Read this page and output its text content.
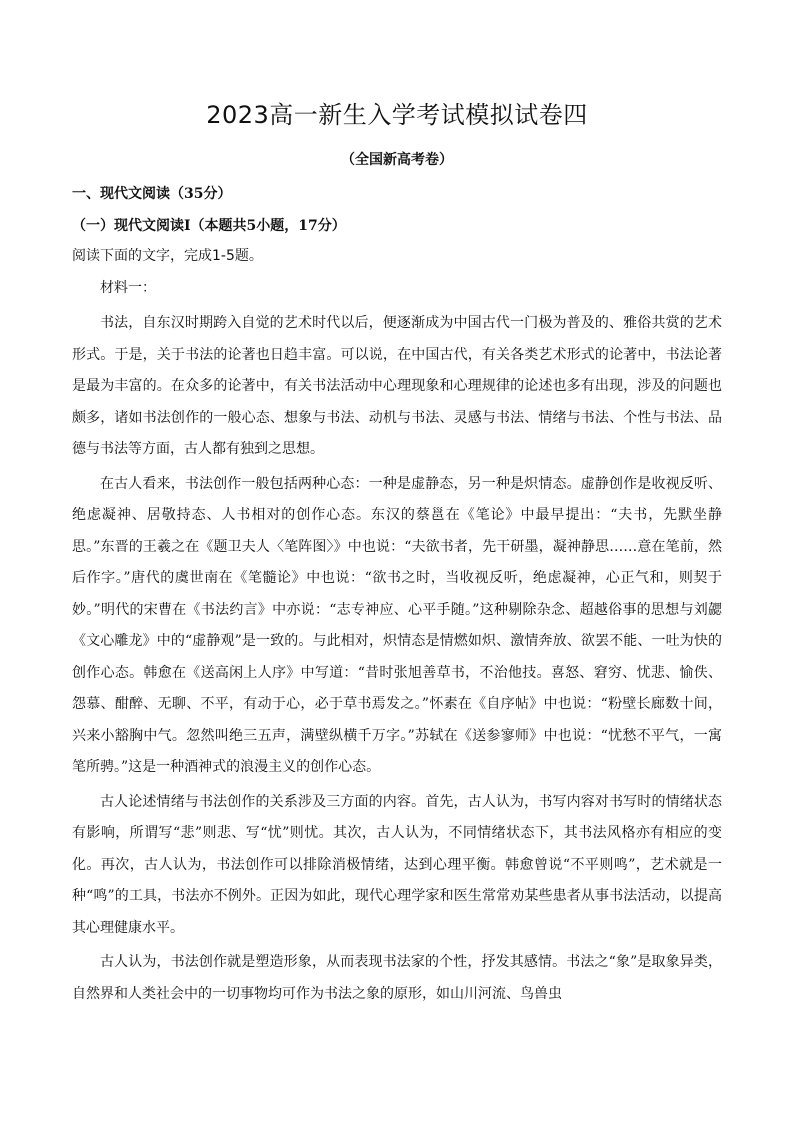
2023高一新生入学考试模拟试卷四
（全国新高考卷）
一、现代文阅读（35分）
（一）现代文阅读Ⅰ（本题共5小题，17分）
阅读下面的文字，完成1-5题。
材料一：

书法，自东汉时期跨入自觉的艺术时代以后，便逐渐成为中国古代一门极为普及的、雅俗共赏的艺术形式。于是，关于书法的论著也日趋丰富。可以说，在中国古代，有关各类艺术形式的论著中，书法论著是最为丰富的。在众多的论著中，有关书法活动中心理现象和心理规律的论述也多有出现，涉及的问题也颇多，诸如书法创作的一般心态、想象与书法、动机与书法、灵感与书法、情绪与书法、个性与书法、品德与书法等方面，古人都有独到之思想。

在古人看来，书法创作一般包括两种心态：一种是虚静态，另一种是炽情态。虚静创作是收视反听、绝虑凝神、居敬持态、人书相对的创作心态。东汉的蔡邕在《笔论》中最早提出：“夫书，先默坐静思。”东晋的王羲之在《题卫夫人〈笔阵图〉》中也说：“夫欲书者，先干研墨，凝神静思……意在笔前，然后作字。”唐代的虞世南在《笔髓论》中也说：“欲书之时，当收视反听，绝虑凝神，心正气和，则契于妙。”明代的宋曹在《书法约言》中亦说：“志专神应、心平手随。”这种剔除杂念、超越俗事的思想与刘勰《文心雕龙》中的“虚静观”是一致的。与此相对，炽情态是情燃如炽、激情奔放、欲罢不能、一吐为快的创作心态。韩愈在《送高闲上人序》中写道：“昔时张旭善草书，不治他技。喜怒、窘穷、忧悲、愉佚、怨慕、酣醉、无聊、不平，有动于心，必于草书焉发之。”怀素在《自序帖》中也说：“粉壁长廊数十间，兴来小豁胸中气。忽然叫绝三五声，满壁纵横千万字。”苏轼在《送参寥师》中也说：“忧愁不平气，一寓笔所骋。”这是一种酒神式的浪漫主义的创作心态。

古人论述情绪与书法创作的关系涉及三方面的内容。首先，古人认为，书写内容对书写时的情绪状态有影响，所谓写“悲”则悲、写“忧”则忧。其次，古人认为，不同情绪状态下，其书法风格亦有相应的变化。再次，古人认为，书法创作可以排除消极情绪，达到心理平衡。韩愈曾说“不平则鸣”，艺术就是一种“鸣”的工具，书法亦不例外。正因为如此，现代心理学家和医生常常劝某些患者从事书法活动，以提高其心理健康水平。

古人认为，书法创作就是塑造形象，从而表现书法家的个性，抒发其感情。书法之“象”是取象异类，自然界和人类社会中的一切事物均可作为书法之象的原形，如山川河流、鸟兽虫
